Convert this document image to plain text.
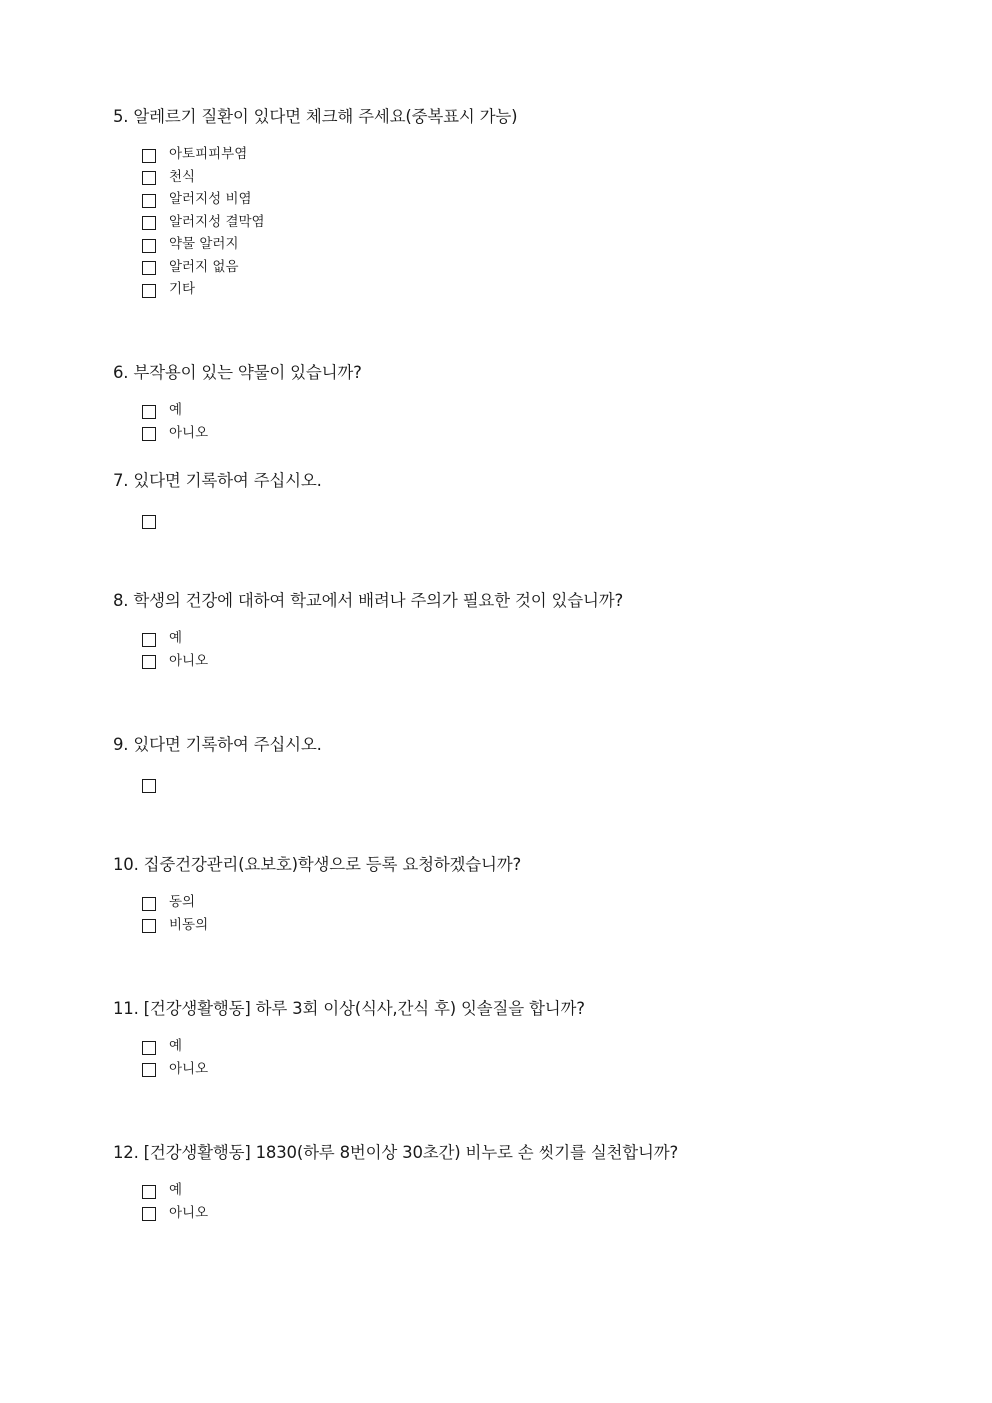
5. 알레르기 질환이 있다면 체크해 주세요(중복표시 가능)

아토피피부염
천식
알러지성 비염
알러지성 결막염
약물 알러지
알러지 없음
기타

6. 부작용이 있는 약물이 있습니까?

예
아니오

7. 있다면 기록하여 주십시오.

8. 학생의 건강에 대하여 학교에서 배려나 주의가 필요한 것이 있습니까?

예
아니오

9. 있다면 기록하여 주십시오.

10. 집중건강관리(요보호)학생으로 등록 요청하겠습니까?

동의
비동의

11. [건강생활행동] 하루 3회 이상(식사,간식 후) 잇솔질을 합니까?

예
아니오

12. [건강생활행동] 1830(하루 8번이상 30초간) 비누로 손 씻기를 실천합니까?

예
아니오
